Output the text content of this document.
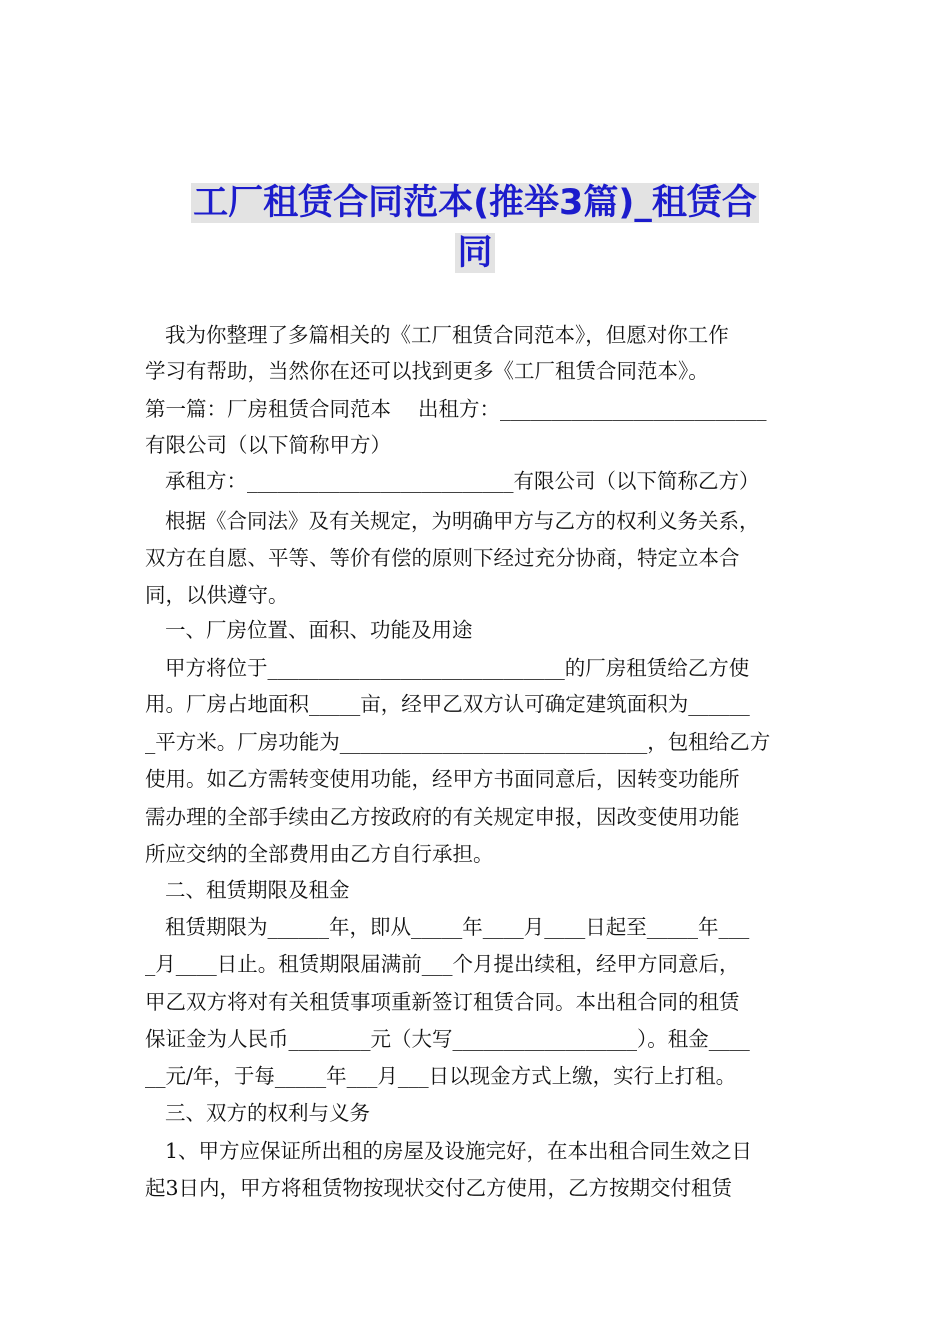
工厂租赁合同范本(推举3篇)_租赁合
同
我为你整理了多篇相关的《工厂租赁合同范本》，但愿对你工作
学习有帮助，当然你在还可以找到更多《工厂租赁合同范本》。
第一篇：厂房租赁合同范本　 出租方：__________________________
有限公司（以下简称甲方）
承租方：__________________________有限公司（以下简称乙方）
根据《合同法》及有关规定，为明确甲方与乙方的权利义务关系，
双方在自愿、平等、等价有偿的原则下经过充分协商，特定立本合
同，以供遵守。
一、厂房位置、面积、功能及用途
甲方将位于_____________________________的厂房租赁给乙方使
用。厂房占地面积_____亩，经甲乙双方认可确定建筑面积为______
_平方米。厂房功能为______________________________，包租给乙方
使用。如乙方需转变使用功能，经甲方书面同意后，因转变功能所
需办理的全部手续由乙方按政府的有关规定申报，因改变使用功能
所应交纳的全部费用由乙方自行承担。
二、租赁期限及租金
租赁期限为______年，即从_____年____月____日起至_____年___
_月____日止。租赁期限届满前___个月提出续租，经甲方同意后，
甲乙双方将对有关租赁事项重新签订租赁合同。本出租合同的租赁
保证金为人民币________元（大写__________________）。租金____
__元/年，于每_____年___月___日以现金方式上缴，实行上打租。
三、双方的权利与义务
1、甲方应保证所出租的房屋及设施完好，在本出租合同生效之日
起3日内，甲方将租赁物按现状交付乙方使用，乙方按期交付租赁
